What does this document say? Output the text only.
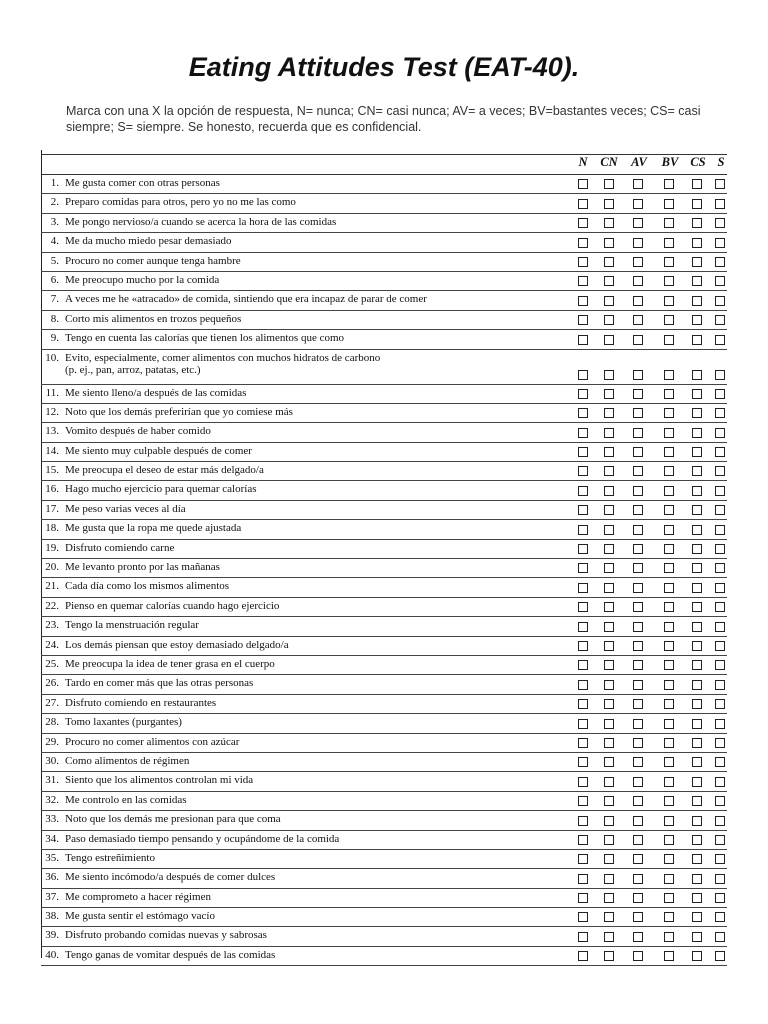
Eating Attitudes Test (EAT-40).
Marca con una X la opción de respuesta, N= nunca; CN= casi nunca; AV= a veces; BV=bastantes veces; CS= casi siempre; S= siempre. Se honesto, recuerda que es confidencial.
N	CN	AV	BV CS S
1. Me gusta comer con otras personas
2. Preparo comidas para otros, pero yo no me las como
3. Me pongo nervioso/a cuando se acerca la hora de las comidas
4. Me da mucho miedo pesar demasiado
5. Procuro no comer aunque tenga hambre
6. Me preocupo mucho por la comida
7. A veces me he «atracado» de comida, sintiendo que era incapaz de parar de comer
8. Corto mis alimentos en trozos pequeños
9. Tengo en cuenta las calorías que tienen los alimentos que como
10. Evito, especialmente, comer alimentos con muchos hidratos de carbono
(p. ej., pan, arroz, patatas, etc.)
11. Me siento lleno/a después de las comidas
12. Noto que los demás preferirían que yo comiese más
13. Vomito después de haber comido
14. Me siento muy culpable después de comer
15. Me preocupa el deseo de estar más delgado/a
16. Hago mucho ejercicio para quemar calorías
17. Me peso varias veces al día
18. Me gusta que la ropa me quede ajustada
19. Disfruto comiendo carne
20. Me levanto pronto por las mañanas
21. Cada día como los mismos alimentos
22. Pienso en quemar calorías cuando hago ejercicio
23. Tengo la menstruación regular
24. Los demás piensan que estoy demasiado delgado/a
25. Me preocupa la idea de tener grasa en el cuerpo
26. Tardo en comer más que las otras personas
27. Disfruto comiendo en restaurantes
28. Tomo laxantes (purgantes)
29. Procuro no comer alimentos con azúcar
30. Como alimentos de régimen
31. Siento que los alimentos controlan mi vida
32. Me controlo en las comidas
33. Noto que los demás me presionan para que coma
34. Paso demasiado tiempo pensando y ocupándome de la comida
35. Tengo estreñimiento
36. Me siento incómodo/a después de comer dulces
37. Me comprometo a hacer régimen
38. Me gusta sentir el estómago vacío
39. Disfruto probando comidas nuevas y sabrosas
40. Tengo ganas de vomitar después de las comidas
